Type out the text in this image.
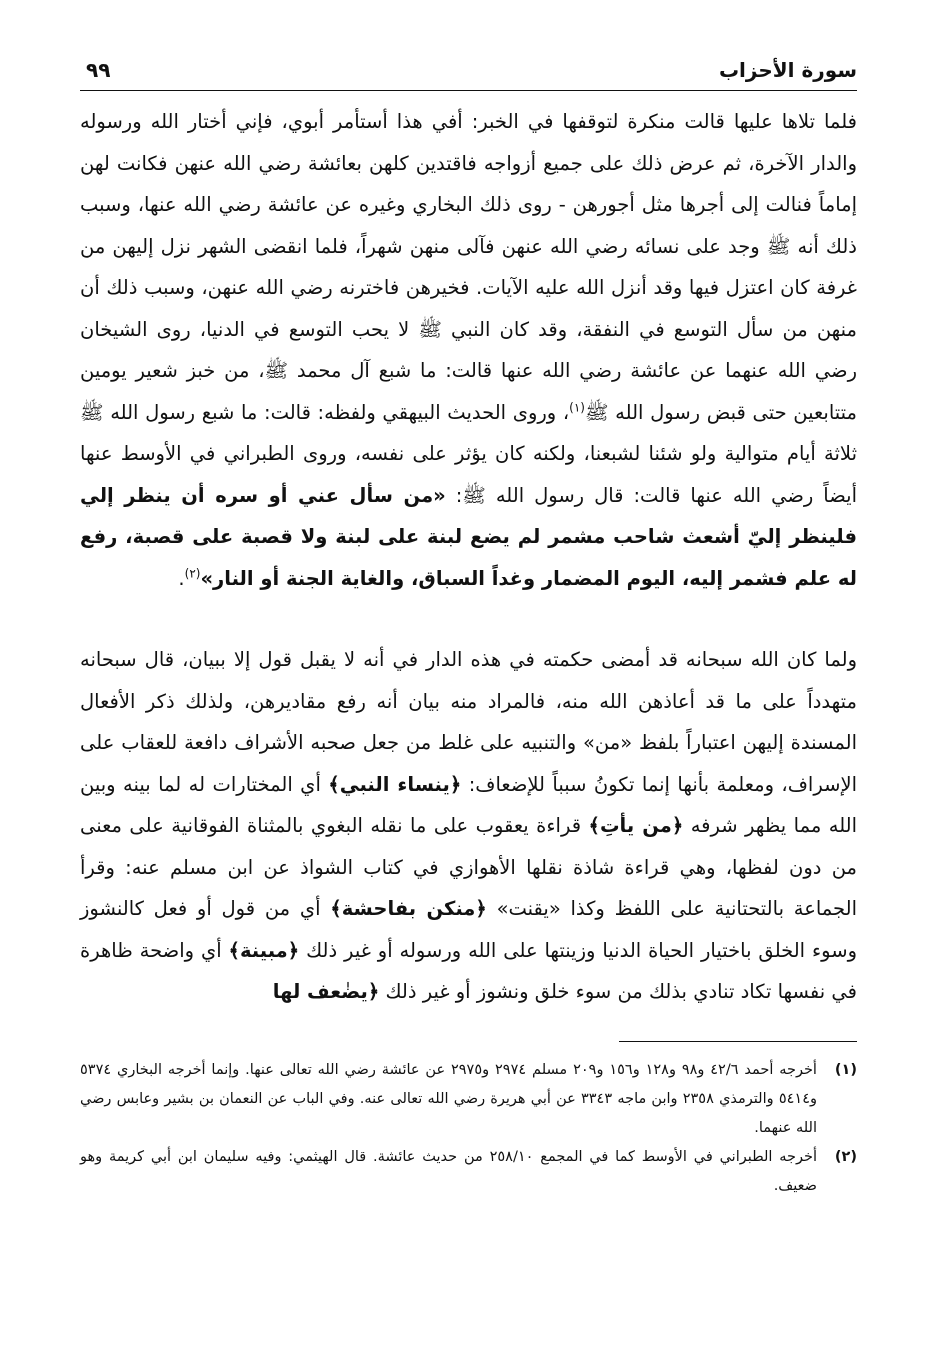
سورة الأحزاب
٩٩

فلما تلاها عليها قالت منكرة لتوقفها في الخبر: أفي هذا أستأمر أبوي، فإني أختار الله ورسوله والدار الآخرة، ثم عرض ذلك على جميع أزواجه فاقتدين كلهن بعائشة رضي الله عنهن فكانت لهن إماماً فنالت إلى أجرها مثل أجورهن - روى ذلك البخاري وغيره عن عائشة رضي الله عنها، وسبب ذلك أنه ﷺ وجد على نسائه رضي الله عنهن فآلى منهن شهراً، فلما انقضى الشهر نزل إليهن من غرفة كان اعتزل فيها وقد أنزل الله عليه الآيات. فخيرهن فاخترنه رضي الله عنهن، وسبب ذلك أن منهن من سأل التوسع في النفقة، وقد كان النبي ﷺ لا يحب التوسع في الدنيا، روى الشيخان رضي الله عنهما عن عائشة رضي الله عنها قالت: ما شبع آل محمد ﷺ، من خبز شعير يومين متتابعين حتى قبض رسول الله ﷺ$^{(١)}$، وروى الحديث البيهقي ولفظه: قالت: ما شبع رسول الله ﷺ ثلاثة أيام متوالية ولو شئنا لشبعنا، ولكنه كان يؤثر على نفسه، وروى الطبراني في الأوسط عنها أيضاً رضي الله عنها قالت: قال رسول الله ﷺ: «من سأل عني أو سره أن ينظر إلي فلينظر إليّ أشعث شاحب مشمر لم يضع لبنة على لبنة ولا قصبة على قصبة، رفع له علم فشمر إليه، اليوم المضمار وغداً السباق، والغاية الجنة أو النار»$^{(٢)}$.

ولما كان الله سبحانه قد أمضى حكمته في هذه الدار في أنه لا يقبل قول إلا ببيان، قال سبحانه متهدداً على ما قد أعاذهن الله منه، فالمراد منه بيان أنه رفع مقاديرهن، ولذلك ذكر الأفعال المسندة إليهن اعتباراً بلفظ «من» والتنبيه على غلط من جعل صحبه الأشراف دافعة للعقاب على الإسراف، ومعلمة بأنها إنما تكونُ سبباً للإضعاف: ﴿ينساء النبي﴾ أي المختارات له لما بينه وبين الله مما يظهر شرفه ﴿من يأتِ﴾ قراءة يعقوب على ما نقله البغوي بالمثناة الفوقانية على معنى من دون لفظها، وهي قراءة شاذة نقلها الأهوازي في كتاب الشواذ عن ابن مسلم عنه: وقرأ الجماعة بالتحتانية على اللفظ وكذا «يقنت» ﴿منكن بفاحشة﴾ أي من قول أو فعل كالنشوز وسوء الخلق باختيار الحياة الدنيا وزينتها على الله ورسوله أو غير ذلك ﴿مبينة﴾ أي واضحة ظاهرة في نفسها تكاد تنادي بذلك من سوء خلق ونشوز أو غير ذلك ﴿يضٰعف لها

(١)
أخرجه أحمد ٤٢/٦ و٩٨ و١٢٨ و١٥٦ و٢٠٩ مسلم ٢٩٧٤ و٢٩٧٥ عن عائشة رضي الله تعالى عنها. وإنما أخرجه البخاري ٥٣٧٤ و٥٤١٤ والترمذي ٢٣٥٨ وابن ماجه ٣٣٤٣ عن أبي هريرة رضي الله تعالى عنه. وفي الباب عن النعمان بن بشير وعابس رضي الله عنهما.
(٢)
أخرجه الطبراني في الأوسط كما في المجمع ٢٥٨/١٠ من حديث عائشة. قال الهيثمي: وفيه سليمان ابن أبي كريمة وهو ضعيف.
